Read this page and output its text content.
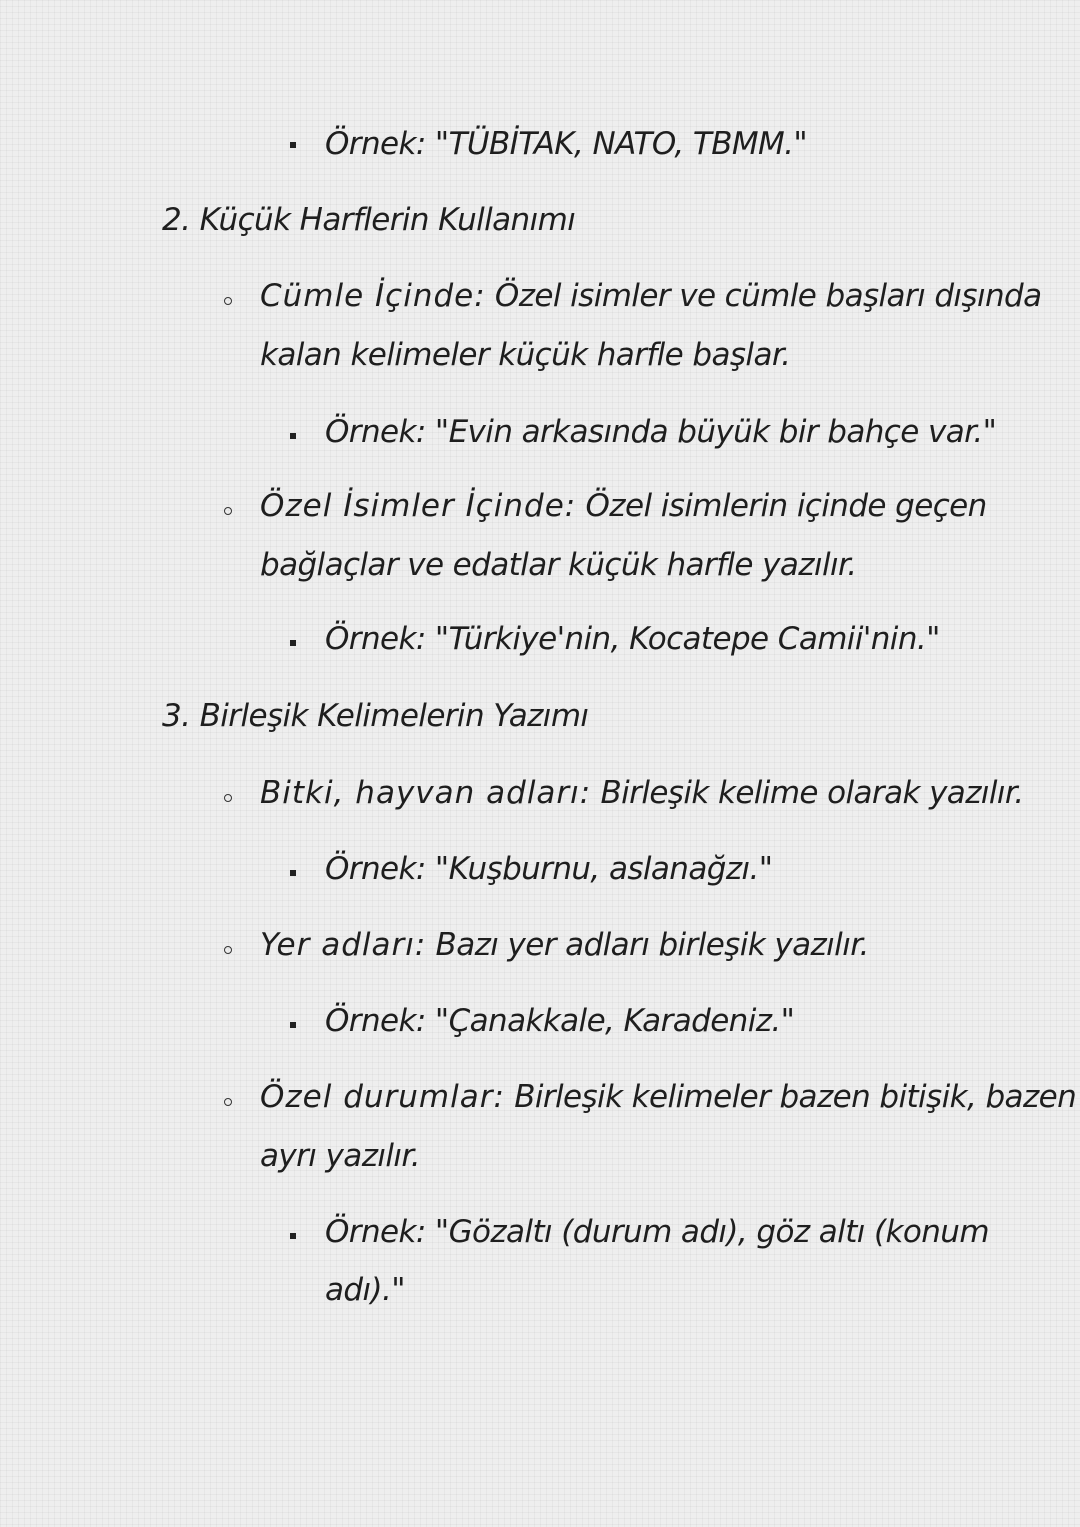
Örnek: "TÜBİTAK, NATO, TBMM."
2. Küçük Harflerin Kullanımı
Cümle İçinde: Özel isimler ve cümle başları dışında
kalan kelimeler küçük harfle başlar.
Örnek: "Evin arkasında büyük bir bahçe var."
Özel İsimler İçinde: Özel isimlerin içinde geçen
bağlaçlar ve edatlar küçük harfle yazılır.
Örnek: "Türkiye'nin, Kocatepe Camii'nin."
3. Birleşik Kelimelerin Yazımı
Bitki, hayvan adları: Birleşik kelime olarak yazılır.
Örnek: "Kuşburnu, aslanağzı."
Yer adları: Bazı yer adları birleşik yazılır.
Örnek: "Çanakkale, Karadeniz."
Özel durumlar: Birleşik kelimeler bazen bitişik, bazen
ayrı yazılır.
Örnek: "Gözaltı (durum adı), göz altı (konum
adı)."
